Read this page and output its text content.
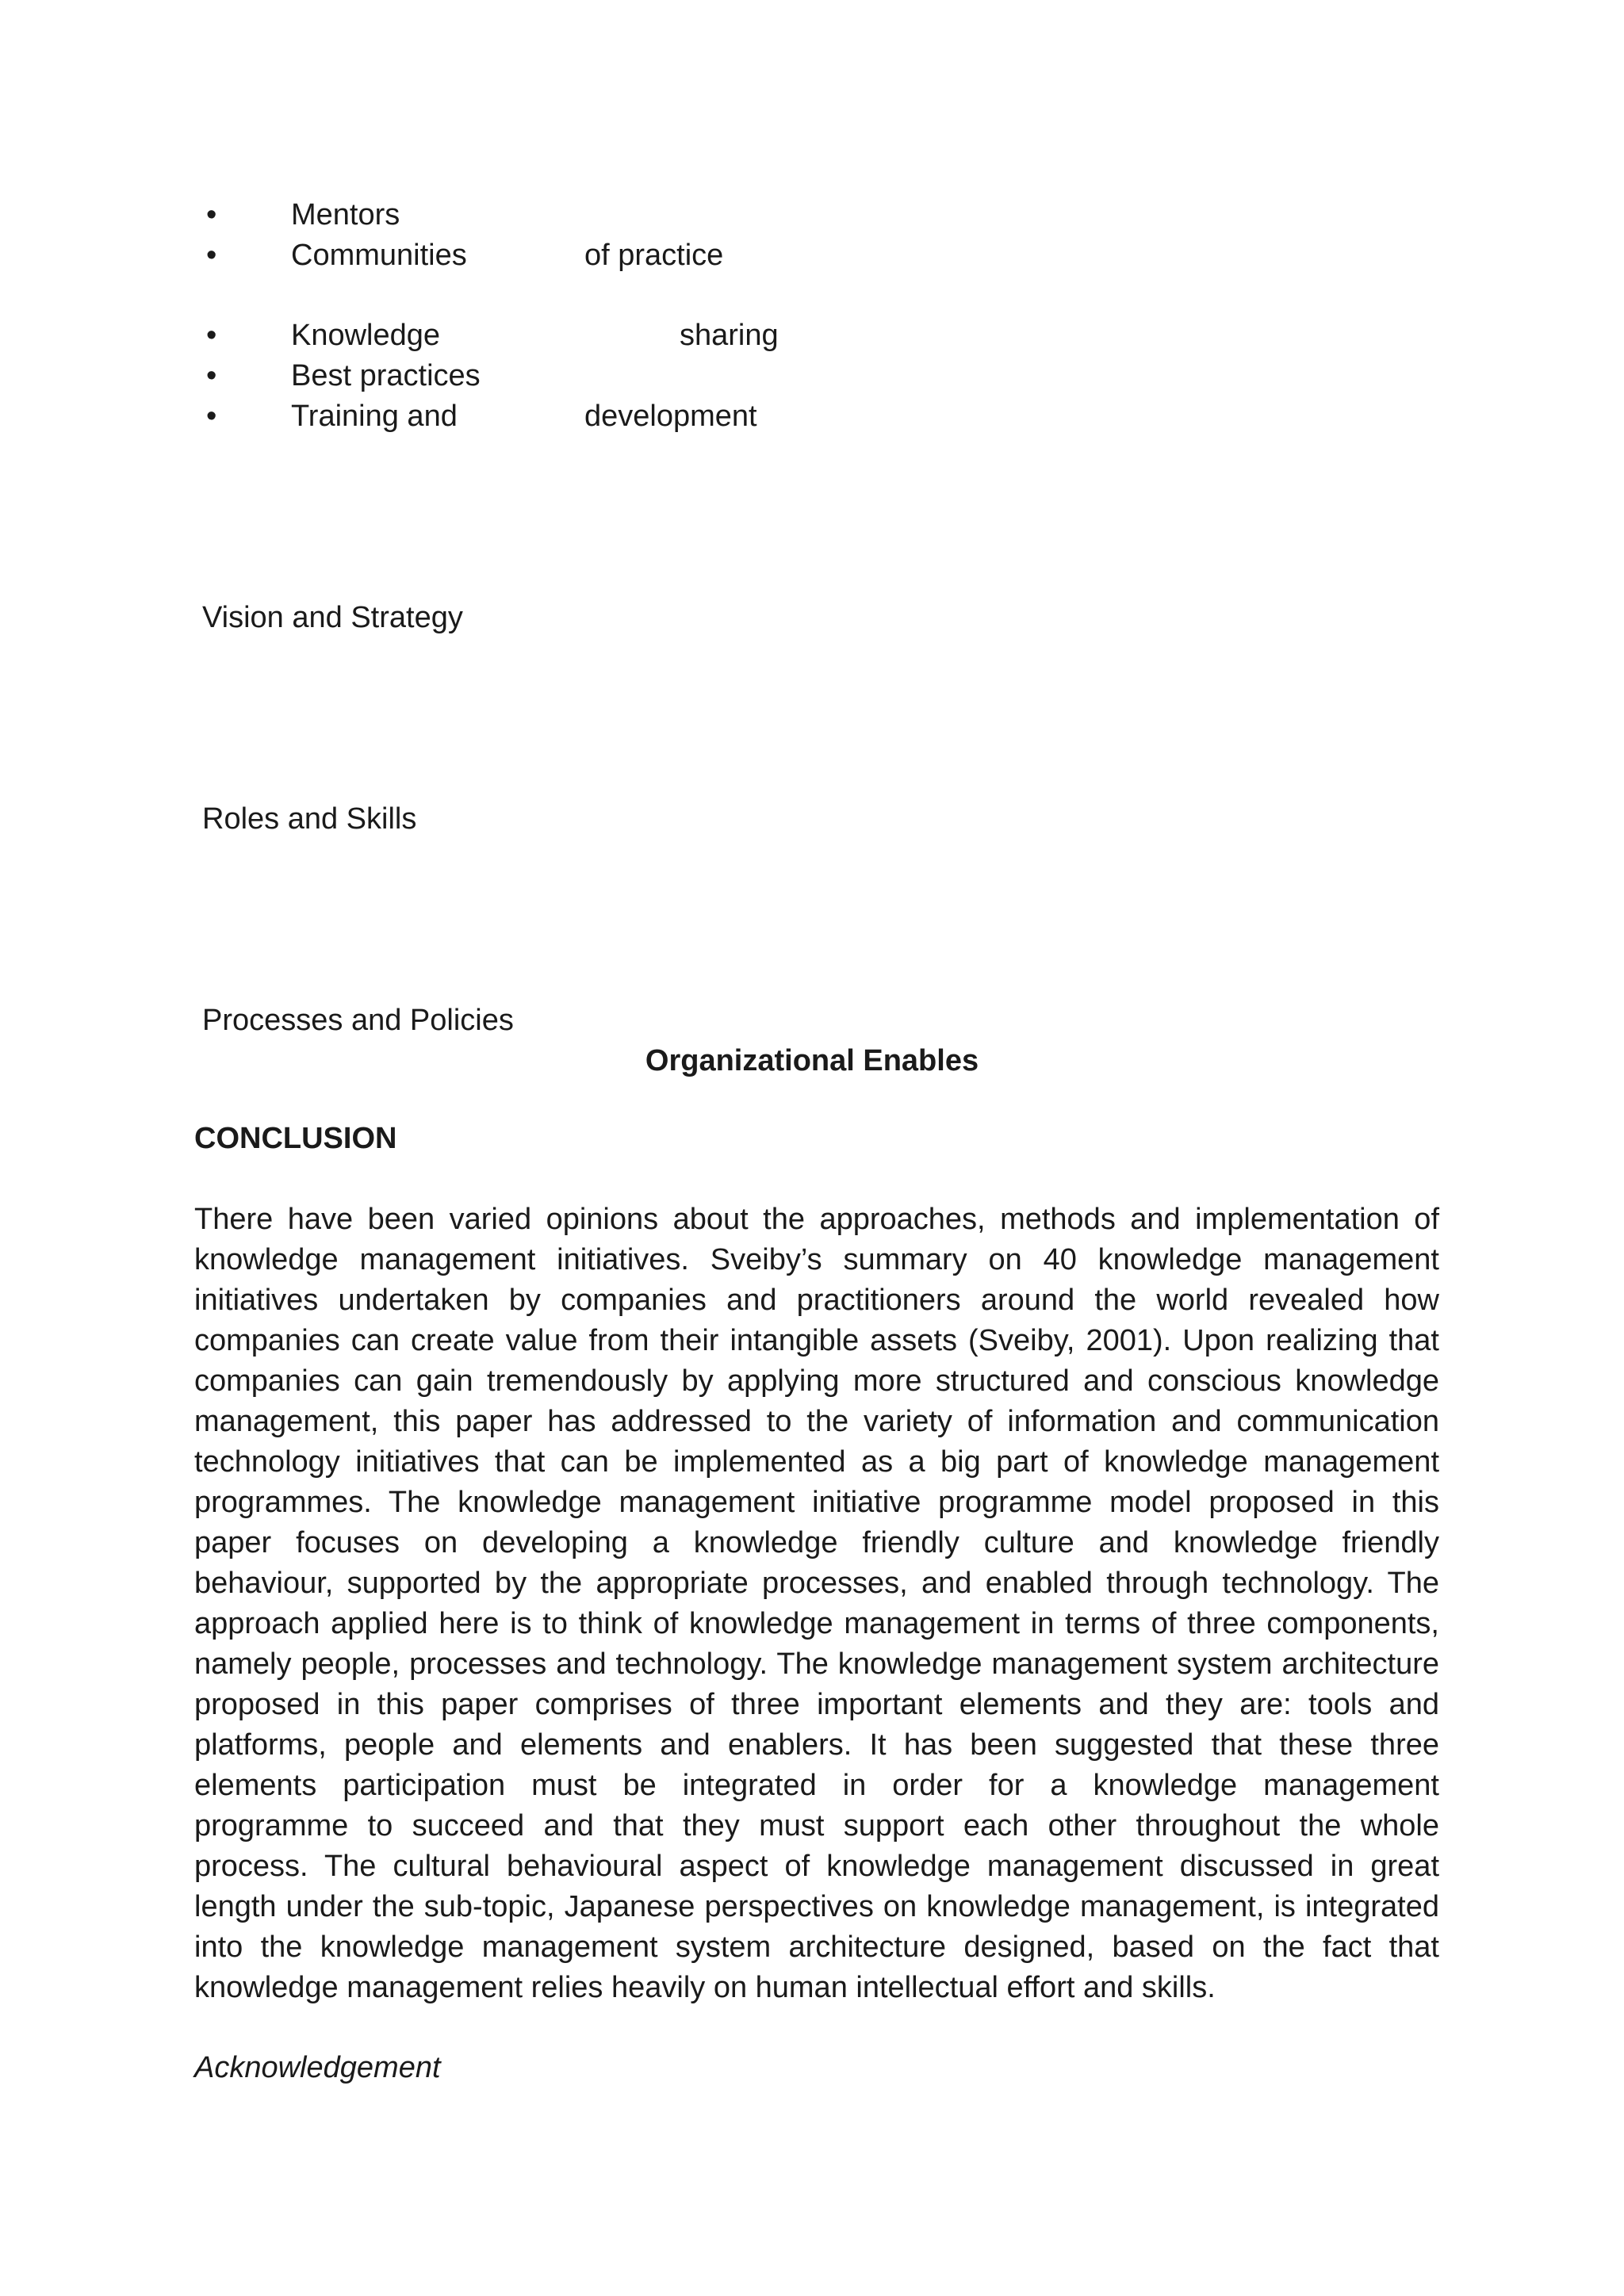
• Mentors
• Communities	of practice
• Knowledge	sharing
• Best practices
• Training and	development
Vision and Strategy
Roles and Skills
Processes and Policies
Organizational Enables
CONCLUSION
There have been varied opinions about the approaches, methods and implementation of
knowledge management initiatives. Sveiby’s summary on 40 knowledge management
initiatives undertaken by companies and practitioners around the world revealed how
companies can create value from their intangible assets (Sveiby, 2001). Upon realizing that
companies can gain tremendously by applying more structured and conscious knowledge
management, this paper has addressed to the variety of information and communication
technology initiatives that can be implemented as a big part of knowledge management
programmes. The knowledge management initiative programme model proposed in this
paper focuses on developing a knowledge friendly culture and knowledge friendly
behaviour, supported by the appropriate processes, and enabled through technology. The
approach applied here is to think of knowledge management in terms of three components,
namely people, processes and technology. The knowledge management system architecture
proposed in this paper comprises of three important elements and they are: tools and
platforms, people and elements and enablers. It has been suggested that these three
elements participation must be integrated in order for a knowledge management
programme to succeed and that they must support each other throughout the whole
process. The cultural behavioural aspect of knowledge management discussed in great
length under the sub-topic, Japanese perspectives on knowledge management, is integrated
into the knowledge management system architecture designed, based on the fact that
knowledge management relies heavily on human intellectual effort and skills.
Acknowledgement
